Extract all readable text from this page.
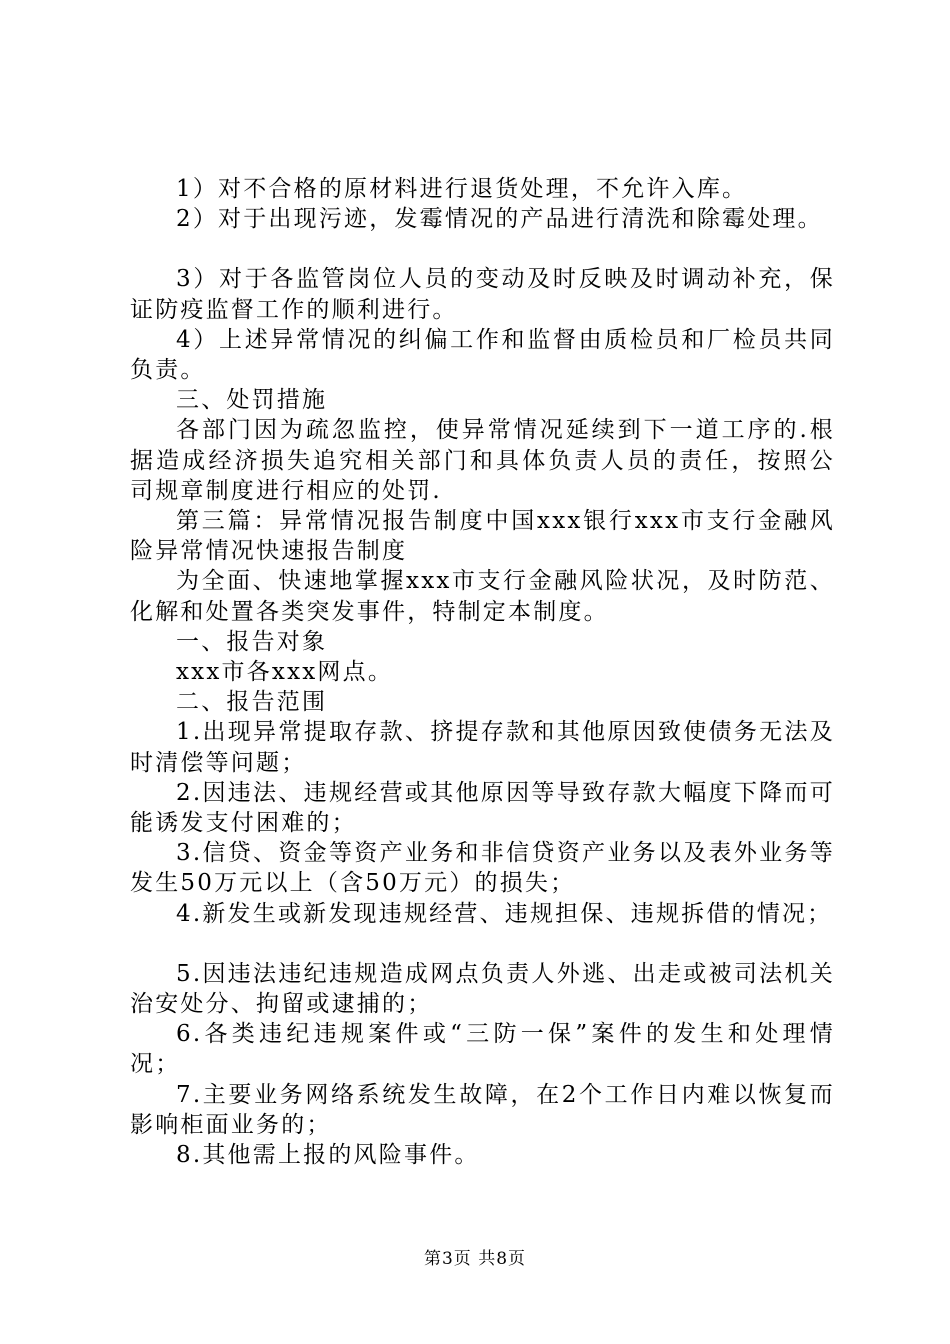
1）对不合格的原材料进行退货处理，不允许入库。

2）对于出现污迹，发霉情况的产品进行清洗和除霉处理。

3）对于各监管岗位人员的变动及时反映及时调动补充，保证防疫监督工作的顺利进行。

4）上述异常情况的纠偏工作和监督由质检员和厂检员共同负责。

三、处罚措施

各部门因为疏忽监控，使异常情况延续到下一道工序的.根据造成经济损失追究相关部门和具体负责人员的责任，按照公司规章制度进行相应的处罚.

第三篇：异常情况报告制度中国xxx银行xxx市支行金融风险异常情况快速报告制度

为全面、快速地掌握xxx市支行金融风险状况，及时防范、化解和处置各类突发事件，特制定本制度。

一、报告对象

xxx市各xxx网点。

二、报告范围

1.出现异常提取存款、挤提存款和其他原因致使债务无法及时清偿等问题；

2.因违法、违规经营或其他原因等导致存款大幅度下降而可能诱发支付困难的；

3.信贷、资金等资产业务和非信贷资产业务以及表外业务等发生50万元以上（含50万元）的损失；

4.新发生或新发现违规经营、违规担保、违规拆借的情况；

5.因违法违纪违规造成网点负责人外逃、出走或被司法机关治安处分、拘留或逮捕的；

6.各类违纪违规案件或“三防一保”案件的发生和处理情况；

7.主要业务网络系统发生故障，在2个工作日内难以恢复而影响柜面业务的；

8.其他需上报的风险事件。

第3页 共8页
